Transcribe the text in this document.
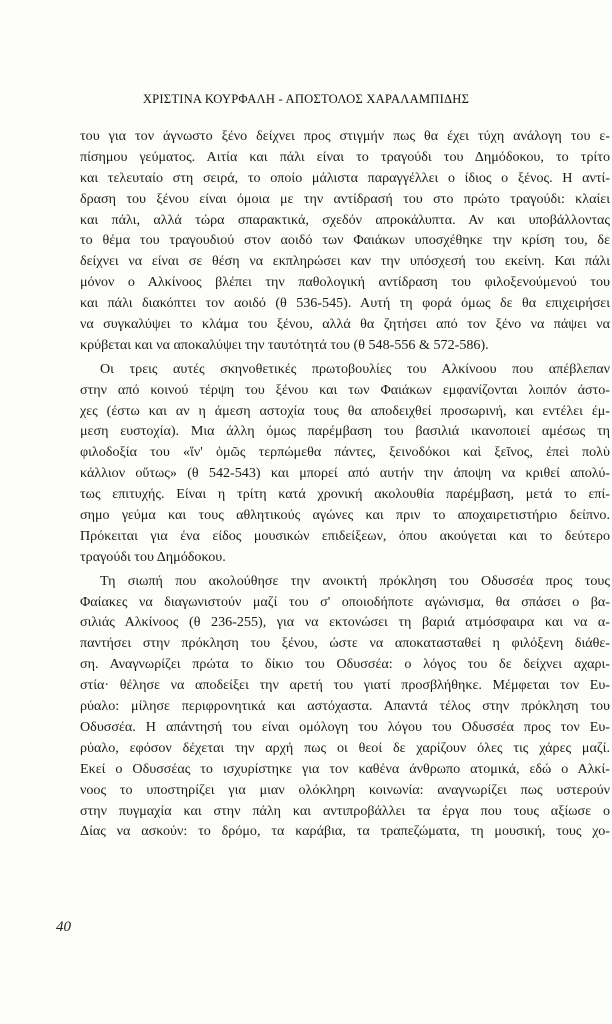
ΧΡΙΣΤΙΝΑ ΚΟΥΡΦΑΛΗ - ΑΠΟΣΤΟΛΟΣ ΧΑΡΑΛΑΜΠΙΔΗΣ
του για τον άγνωστο ξένο δείχνει προς στιγμήν πως θα έχει τύχη ανάλογη του ε-
πίσημου γεύματος. Αιτία και πάλι είναι το τραγούδι του Δημόδοκου, το τρίτο
και τελευταίο στη σειρά, το οποίο μάλιστα παραγγέλλει ο ίδιος ο ξένος. Η αντί-
δραση του ξένου είναι όμοια με την αντίδρασή του στο πρώτο τραγούδι: κλαίει
και πάλι, αλλά τώρα σπαρακτικά, σχεδόν απροκάλυπτα. Αν και υποβάλλοντας
το θέμα του τραγουδιού στον αοιδό των Φαιάκων υποσχέθηκε την κρίση του, δε
δείχνει να είναι σε θέση να εκπληρώσει καν την υπόσχεσή του εκείνη. Και πάλι
μόνον ο Αλκίνοος βλέπει την παθολογική αντίδραση του φιλοξενούμενού του
και πάλι διακόπτει τον αοιδό (θ 536-545). Αυτή τη φορά όμως δε θα επιχειρήσει
να συγκαλύψει το κλάμα του ξένου, αλλά θα ζητήσει από τον ξένο να πάψει να
κρύβεται και να αποκαλύψει την ταυτότητά του (θ 548-556 & 572-586).
Οι τρεις αυτές σκηνοθετικές πρωτοβουλίες του Αλκίνοου που απέβλεπαν
στην από κοινού τέρψη του ξένου και των Φαιάκων εμφανίζονται λοιπόν άστο-
χες (έστω και αν η άμεση αστοχία τους θα αποδειχθεί προσωρινή, και εντέλει έμ-
μεση ευστοχία). Μια άλλη όμως παρέμβαση του βασιλιά ικανοποιεί αμέσως τη
φιλοδοξία του «ἵν' ὁμῶς τερπώμεθα πάντες, ξεινοδόκοι καὶ ξεῖνος, ἐπεὶ πολὺ
κάλλιον οὕτως» (θ 542-543) και μπορεί από αυτήν την άποψη να κριθεί απολύ-
τως επιτυχής. Είναι η τρίτη κατά χρονική ακολουθία παρέμβαση, μετά το επί-
σημο γεύμα και τους αθλητικούς αγώνες και πριν το αποχαιρετιστήριο δείπνο.
Πρόκειται για ένα είδος μουσικών επιδείξεων, όπου ακούγεται και το δεύτερο
τραγούδι του Δημόδοκου.
Τη σιωπή που ακολούθησε την ανοικτή πρόκληση του Οδυσσέα προς τους
Φαίακες να διαγωνιστούν μαζί του σ' οποιοδήποτε αγώνισμα, θα σπάσει ο βα-
σιλιάς Αλκίνοος (θ 236-255), για να εκτονώσει τη βαριά ατμόσφαιρα και να α-
παντήσει στην πρόκληση του ξένου, ώστε να αποκατασταθεί η φιλόξενη διάθε-
ση. Αναγνωρίζει πρώτα το δίκιο του Οδυσσέα: ο λόγος του δε δείχνει αχαρι-
στία· θέλησε να αποδείξει την αρετή του γιατί προσβλήθηκε. Μέμφεται τον Ευ-
ρύαλο: μίλησε περιφρονητικά και αστόχαστα. Απαντά τέλος στην πρόκληση του
Οδυσσέα. Η απάντησή του είναι ομόλογη του λόγου του Οδυσσέα προς τον Ευ-
ρύαλο, εφόσον δέχεται την αρχή πως οι θεοί δε χαρίζουν όλες τις χάρες μαζί.
Εκεί ο Οδυσσέας το ισχυρίστηκε για τον καθένα άνθρωπο ατομικά, εδώ ο Αλκί-
νοος το υποστηρίζει για μιαν ολόκληρη κοινωνία: αναγνωρίζει πως υστερούν
στην πυγμαχία και στην πάλη και αντιπροβάλλει τα έργα που τους αξίωσε ο
Δίας να ασκούν: το δρόμο, τα καράβια, τα τραπεζώματα, τη μουσική, τους χο-
40
